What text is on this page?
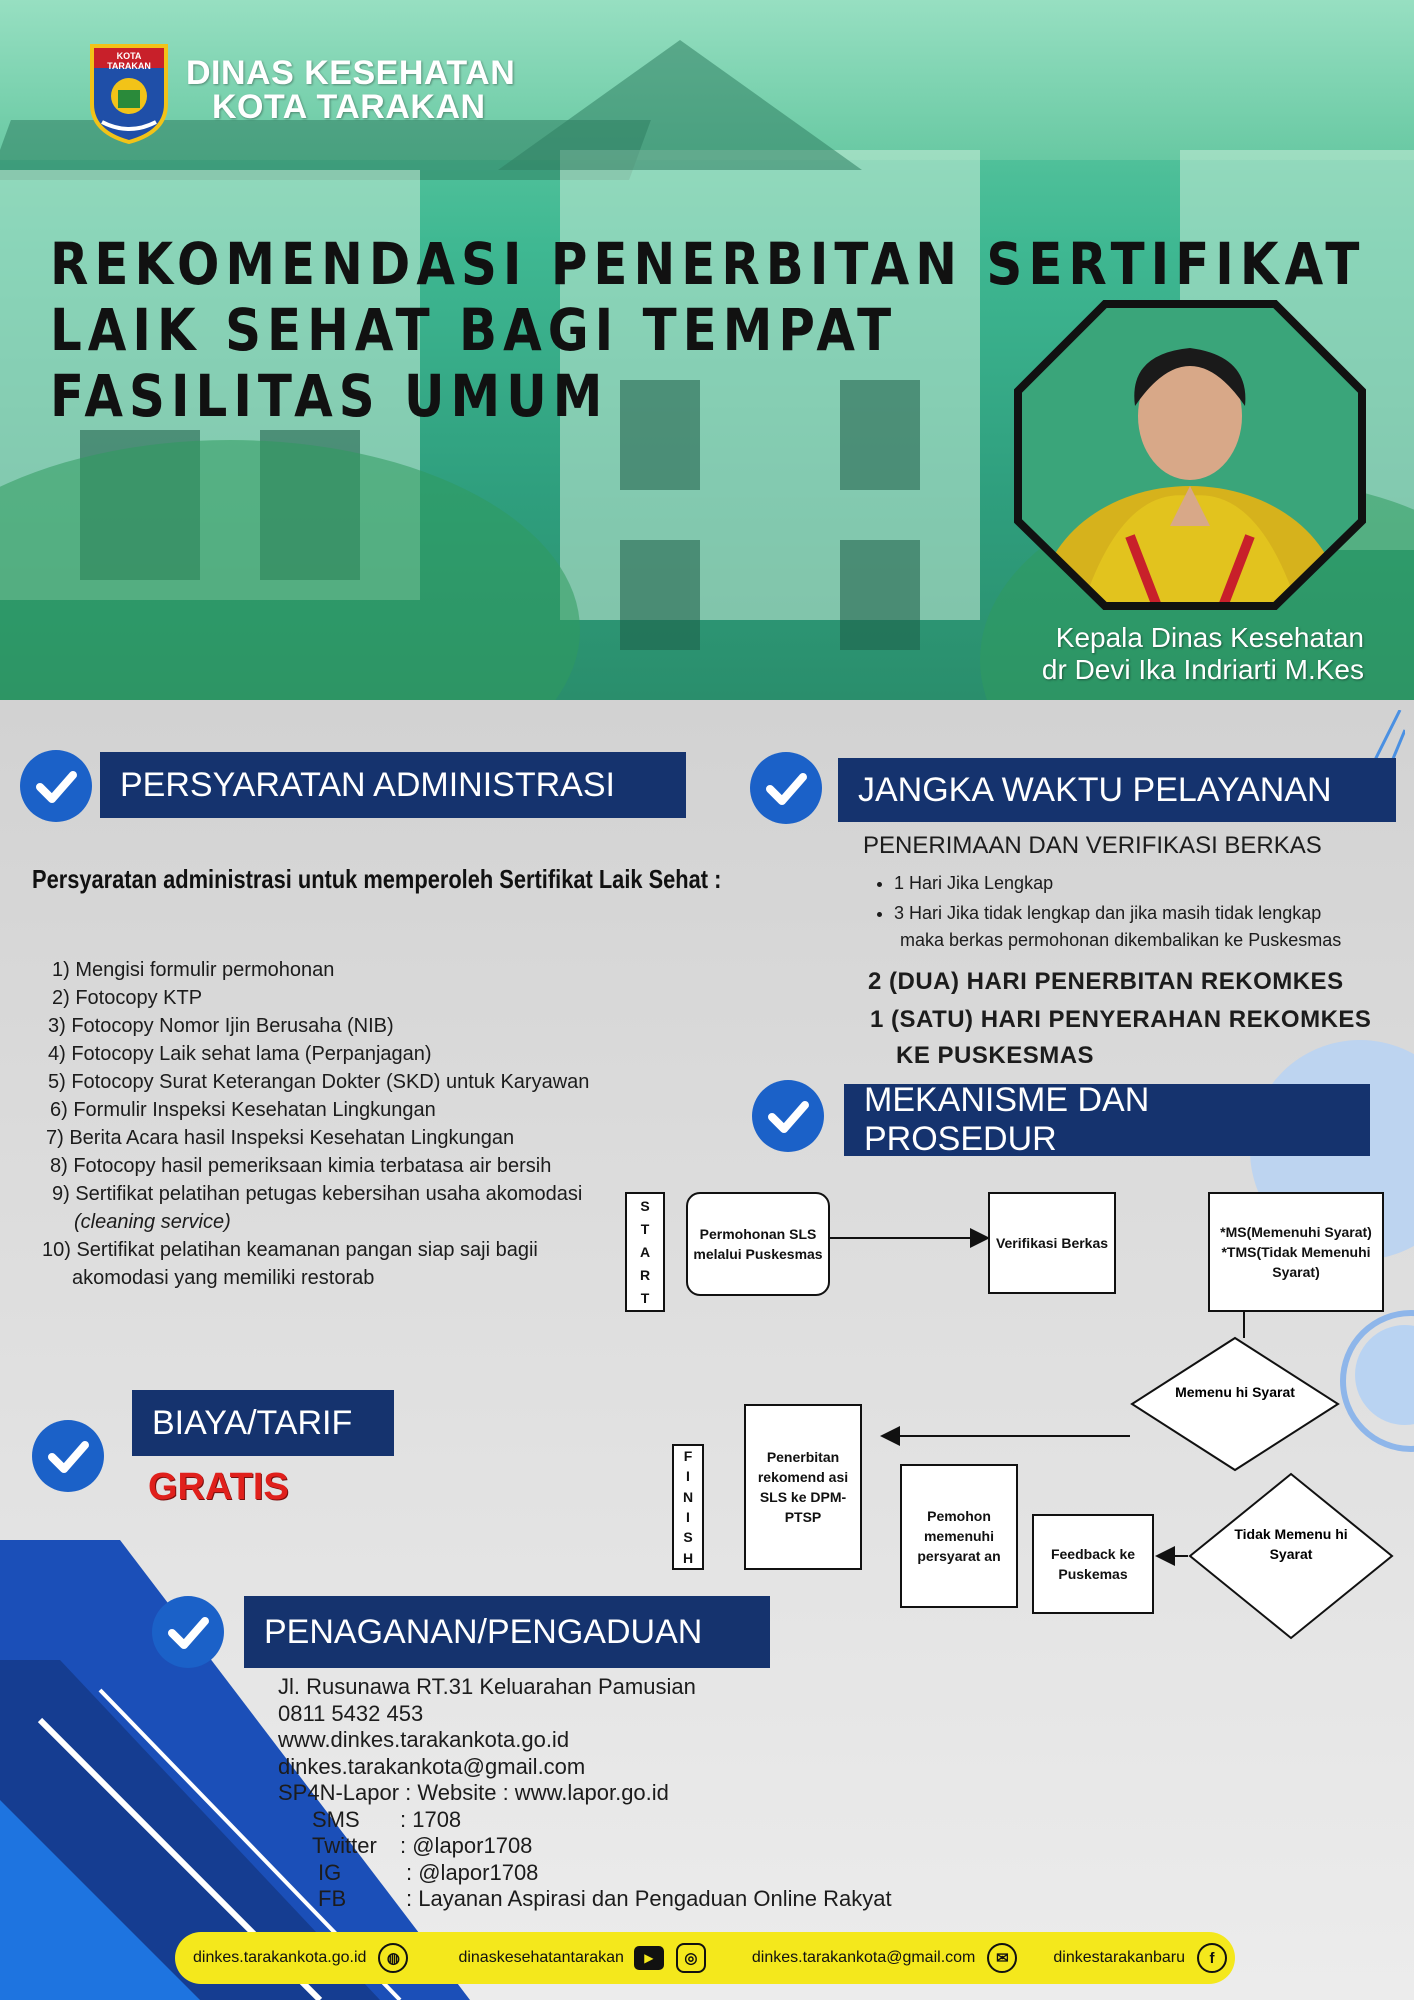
KOTA TARAKAN	DINAS KESEHATAN
KOTA TARAKAN
REKOMENDASI PENERBITAN SERTIFIKAT
LAIK SEHAT BAGI TEMPAT
FASILITAS UMUM
Kepala Dinas Kesehatan
dr Devi Ika Indriarti M.Kes
PERSYARATAN ADMINISTRASI
Persyaratan administrasi untuk memperoleh Sertifikat Laik Sehat :
1) Mengisi formulir permohonan
2) Fotocopy KTP
3) Fotocopy Nomor Ijin Berusaha (NIB)
4) Fotocopy Laik sehat lama (Perpanjagan)
5) Fotocopy Surat Keterangan Dokter (SKD) untuk Karyawan
6) Formulir Inspeksi Kesehatan Lingkungan
7) Berita Acara hasil Inspeksi Kesehatan Lingkungan
8) Fotocopy hasil pemeriksaan kimia terbatasa air bersih
9) Sertifikat pelatihan petugas kebersihan usaha akomodasi
(cleaning service)
10) Sertifikat pelatihan keamanan pangan siap saji bagii
akomodasi yang memiliki restorab
JANGKA WAKTU PELAYANAN
PENERIMAAN DAN VERIFIKASI BERKAS
• 1 Hari Jika Lengkap
• 3 Hari Jika tidak lengkap dan jika masih tidak lengkap
maka berkas permohonan dikembalikan ke Puskesmas
2 (DUA) HARI PENERBITAN REKOMKES
1 (SATU) HARI PENYERAHAN REKOMKES
KE PUSKESMAS
MEKANISME DAN PROSEDUR
S
T
A
R
T
Permohonan SLS melalui Puskesmas
Verifikasi Berkas
*MS(Memenuhi Syarat)
*TMS(Tidak Memenuhi Syarat)
Memenu hi Syarat
Tidak Memenu hi Syarat
F
I
N
I
S
H
Penerbitan rekomend asi SLS ke DPM-PTSP	Pemohon memenuhi persyarat an	Feedback ke Puskemas
BIAYA/TARIF
GRATIS
PENAGANAN/PENGADUAN
Jl. Rusunawa RT.31 Keluarahan Pamusian
0811 5432 453
www.dinkes.tarakankota.go.id
dinkes.tarakankota@gmail.com
SP4N-Lapor : Website : www.lapor.go.id
SMS	: 1708
Twitter	: @lapor1708
IG	: @lapor1708
FB	: Layanan Aspirasi dan Pengaduan Online Rakyat
dinkes.tarakankota.go.id	◍	dinaskesehatantarakan	▶	◎	dinkes.tarakankota@gmail.com	✉	dinkestarakanbaru	f
